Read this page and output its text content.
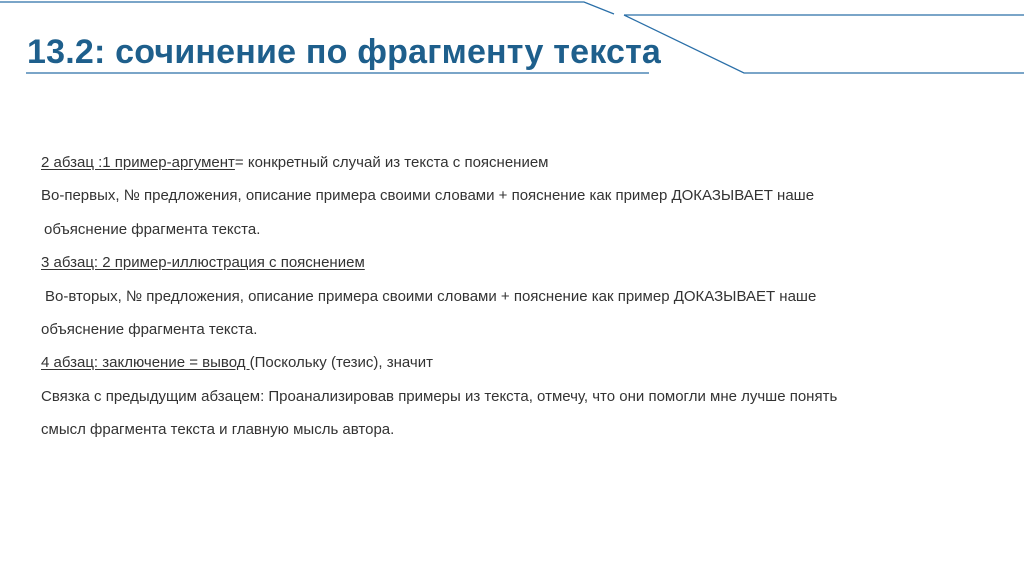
13.2: сочинение по фрагменту текста

2 абзац :1 пример-аргумент= конкретный случай из текста с пояснением

Во-первых, № предложения, описание примера своими словами + пояснение как пример ДОКАЗЫВАЕТ наше

объяснение фрагмента текста.

3 абзац: 2 пример-иллюстрация с пояснением

Во-вторых, № предложения, описание примера своими словами + пояснение как пример ДОКАЗЫВАЕТ наше

объяснение фрагмента текста.

4 абзац: заключение = вывод (Поскольку (тезис), значит

Связка с предыдущим абзацем: Проанализировав примеры из текста, отмечу, что они помогли мне лучше понять

смысл фрагмента текста и главную мысль автора.
